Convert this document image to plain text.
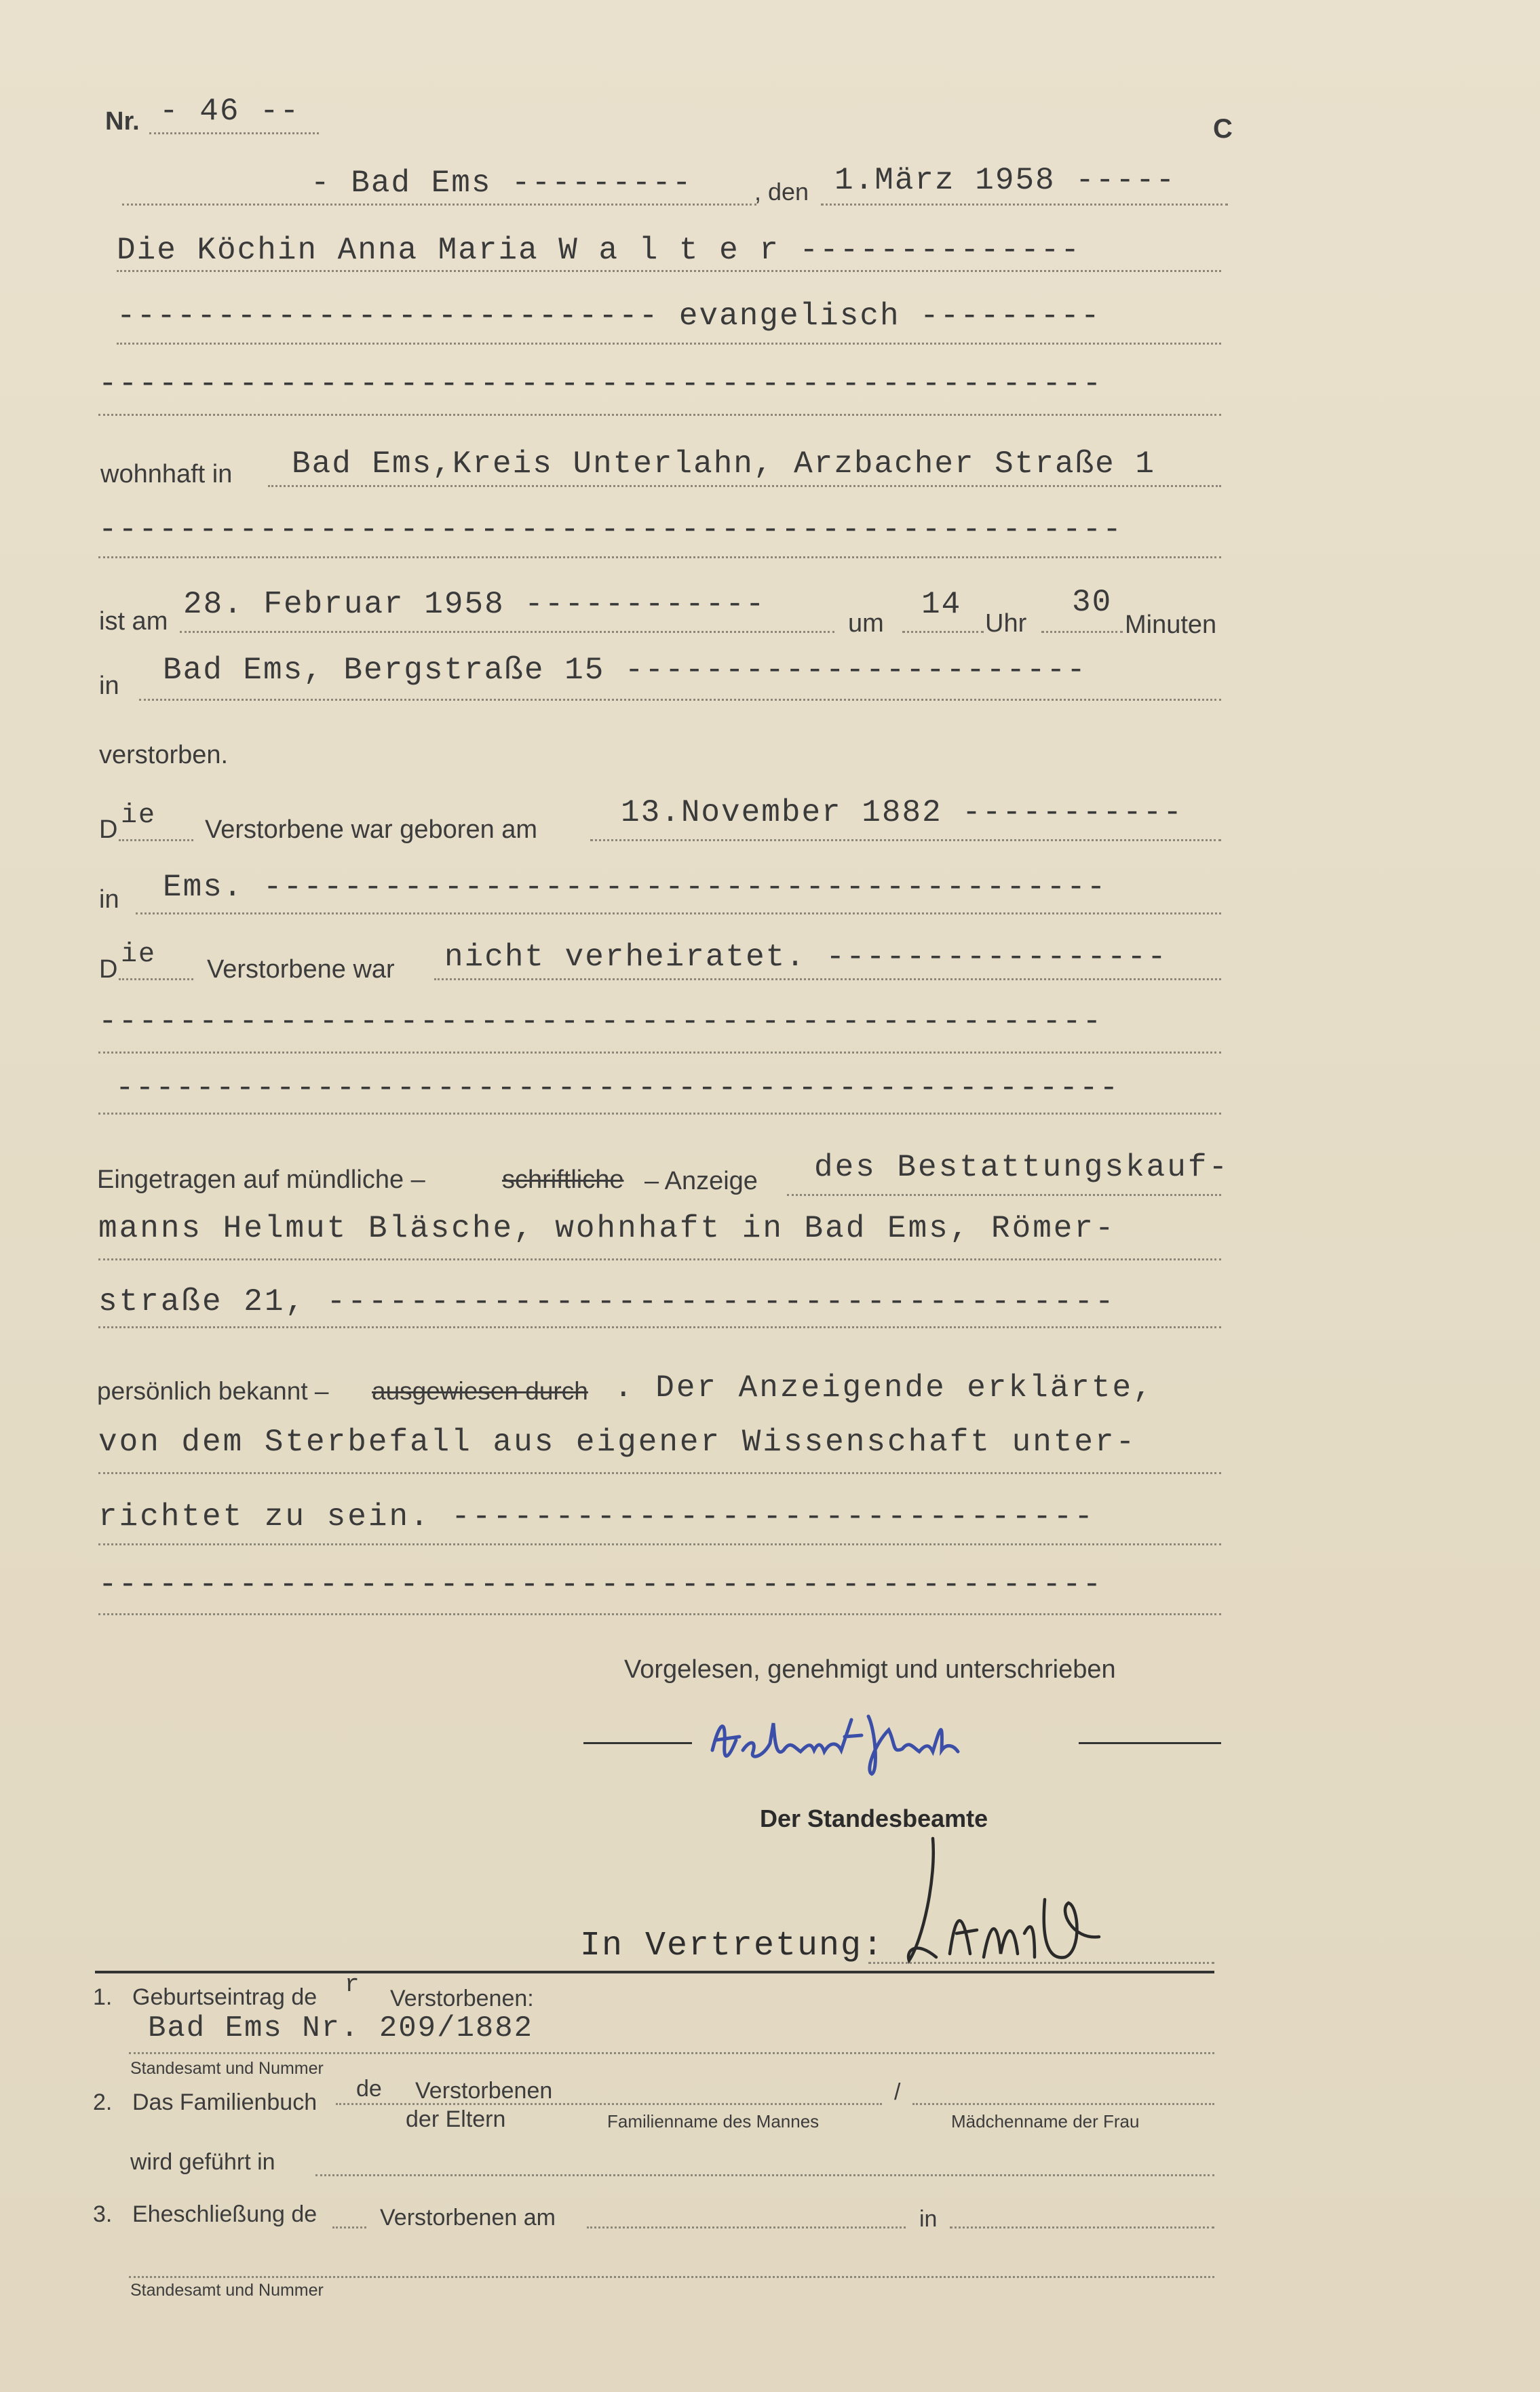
Nr. - 46 --	C
- Bad Ems ---------	, den 1.März 1958 -----
Die Köchin Anna Maria W a l t e r --------------
--------------------------- evangelisch ---------
--------------------------------------------------
wohnhaft in Bad Ems,Kreis Unterlahn, Arzbacher Straße 1
---------------------------------------------------
ist am 28. Februar 1958 ------------
um
14
Uhr
30
Minuten
in Bad Ems, Bergstraße 15 -----------------------
verstorben.
D ie Verstorbene war geboren am	13.November 1882 -----------
in Ems. ------------------------------------------
D ie Verstorbene war nicht verheiratet. -----------------
--------------------------------------------------
--------------------------------------------------
Eingetragen auf mündliche –	schriftliche – Anzeige des Bestattungskauf-
manns Helmut Bläsche, wohnhaft in Bad Ems, Römer-
straße 21, --------------------------------------
persönlich bekannt – ausgewiesen durch . Der Anzeigende erklärte,
von dem Sterbefall aus eigener Wissenschaft unter-
richtet zu sein. -------------------------------
--------------------------------------------------
Vorgelesen, genehmigt und unterschrieben
Der Standesbeamte
In Vertretung:
1. Geburtseintrag de r Verstorbenen:
Bad Ems Nr. 209/1882
Standesamt und Nummer
2. Das Familienbuch
de Verstorbenen	/
der Eltern	Familienname des Mannes	Mädchenname der Frau
wird geführt in
3. Eheschließung de	Verstorbenen am	in
Standesamt und Nummer
